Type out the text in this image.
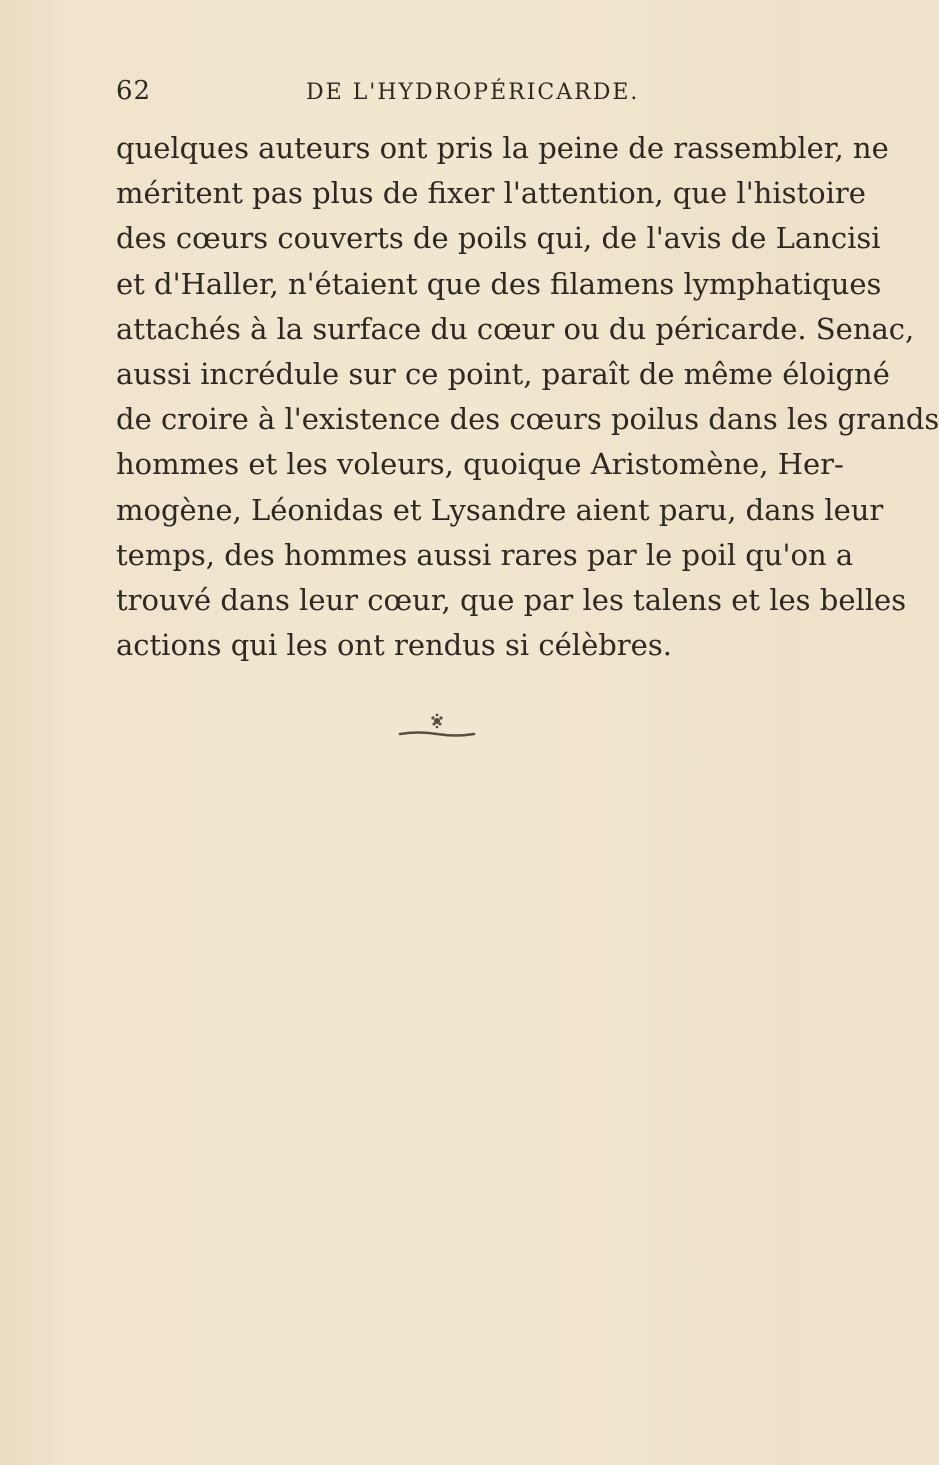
62	DE L'HYDROPÉRICARDE.
quelques auteurs ont pris la peine de rassembler, ne
méritent pas plus de fixer l'attention, que l'histoire
des cœurs couverts de poils qui, de l'avis de Lancisi
et d'Haller, n'étaient que des filamens lymphatiques
attachés à la surface du cœur ou du péricarde. Senac,
aussi incrédule sur ce point, paraît de même éloigné
de croire à l'existence des cœurs poilus dans les grands
hommes et les voleurs, quoique Aristomène, Her-
mogène, Léonidas et Lysandre aient paru, dans leur
temps, des hommes aussi rares par le poil qu'on a
trouvé dans leur cœur, que par les talens et les belles
actions qui les ont rendus si célèbres.
